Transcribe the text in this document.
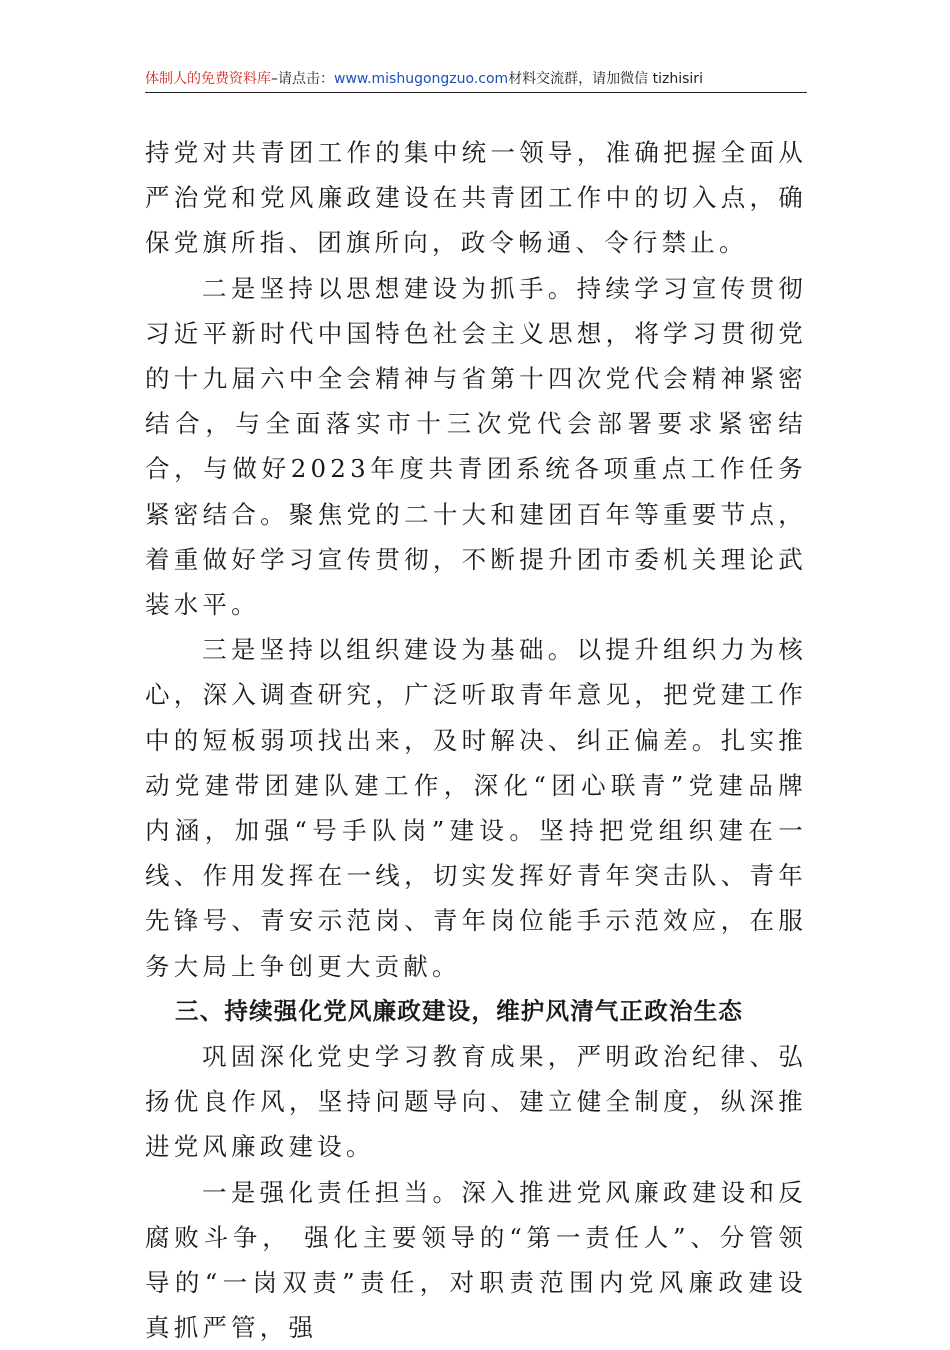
体制人的免费资料库–请点击：www.mishugongzuo.com材料交流群，请加微信 tizhisiri

持党对共青团工作的集中统一领导，准确把握全面从严治党和党风廉政建设在共青团工作中的切入点，确保党旗所指、团旗所向，政令畅通、令行禁止。

二是坚持以思想建设为抓手。持续学习宣传贯彻习近平新时代中国特色社会主义思想，将学习贯彻党的十九届六中全会精神与省第十四次党代会精神紧密结合，与全面落实市十三次党代会部署要求紧密结合，与做好2023年度共青团系统各项重点工作任务紧密结合。聚焦党的二十大和建团百年等重要节点，着重做好学习宣传贯彻，不断提升团市委机关理论武装水平。

三是坚持以组织建设为基础。以提升组织力为核心，深入调查研究，广泛听取青年意见，把党建工作中的短板弱项找出来，及时解决、纠正偏差。扎实推动党建带团建队建工作，深化“团心联青”党建品牌内涵，加强“号手队岗”建设。坚持把党组织建在一线、作用发挥在一线，切实发挥好青年突击队、青年先锋号、青安示范岗、青年岗位能手示范效应，在服务大局上争创更大贡献。

三、持续强化党风廉政建设，维护风清气正政治生态

巩固深化党史学习教育成果，严明政治纪律、弘扬优良作风，坚持问题导向、建立健全制度，纵深推进党风廉政建设。

一是强化责任担当。深入推进党风廉政建设和反腐败斗争， 强化主要领导的“第一责任人”、分管领导的“一岗双责”责任，对职责范围内党风廉政建设真抓严管，强
